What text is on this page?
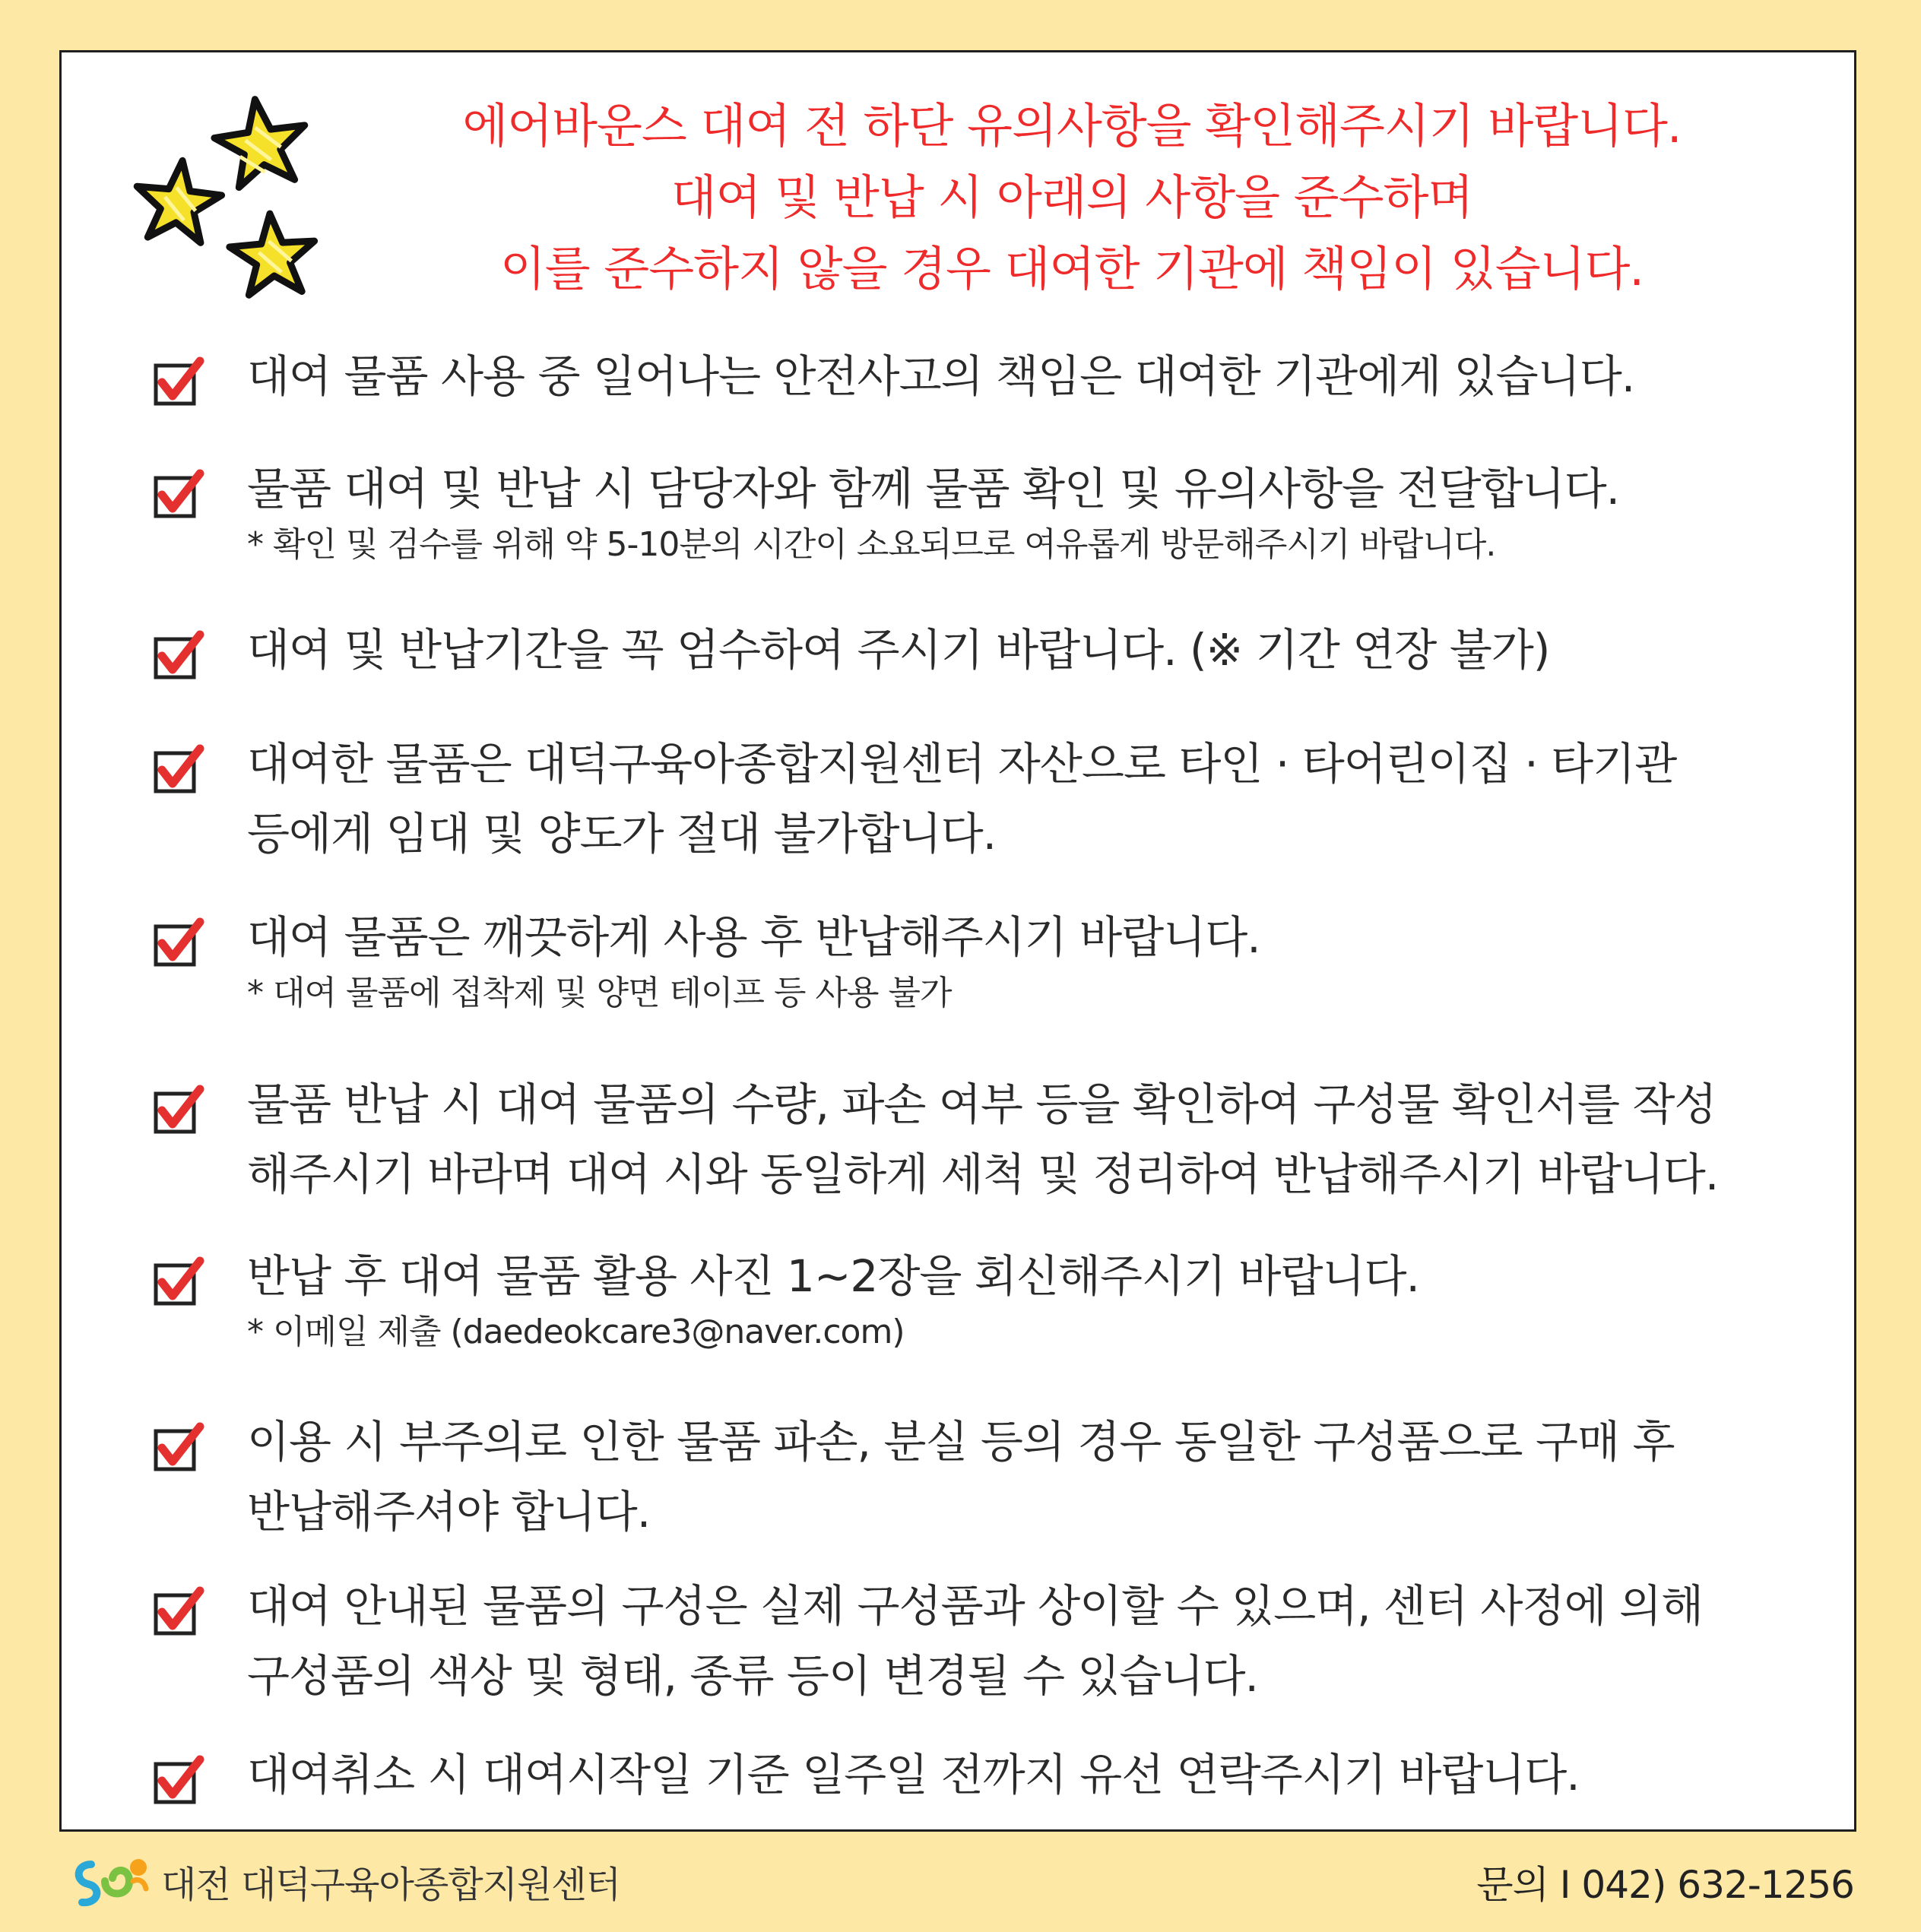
에어바운스 대여 전 하단 유의사항을 확인해주시기 바랍니다.
대여 및 반납 시 아래의 사항을 준수하며
이를 준수하지 않을 경우 대여한 기관에 책임이 있습니다.
대여 물품 사용 중 일어나는 안전사고의 책임은 대여한 기관에게 있습니다.
물품 대여 및 반납 시 담당자와 함께 물품 확인 및 유의사항을 전달합니다.
* 확인 및 검수를 위해 약 5-10분의 시간이 소요되므로 여유롭게 방문해주시기 바랍니다.
대여 및 반납기간을 꼭 엄수하여 주시기 바랍니다. (※ 기간 연장 불가)
대여한 물품은 대덕구육아종합지원센터 자산으로 타인 · 타어린이집 · 타기관
등에게 임대 및 양도가 절대 불가합니다.
대여 물품은 깨끗하게 사용 후 반납해주시기 바랍니다.
* 대여 물품에 접착제 및 양면 테이프 등 사용 불가
물품 반납 시 대여 물품의 수량, 파손 여부 등을 확인하여 구성물 확인서를 작성
해주시기 바라며 대여 시와 동일하게 세척 및 정리하여 반납해주시기 바랍니다.
반납 후 대여 물품 활용 사진 1~2장을 회신해주시기 바랍니다.
* 이메일 제출 (daedeokcare3@naver.com)
이용 시 부주의로 인한 물품 파손, 분실 등의 경우 동일한 구성품으로 구매 후
반납해주셔야 합니다.
대여 안내된 물품의 구성은 실제 구성품과 상이할 수 있으며, 센터 사정에 의해
구성품의 색상 및 형태, 종류 등이 변경될 수 있습니다.
대여취소 시 대여시작일 기준 일주일 전까지 유선 연락주시기 바랍니다.
대전 대덕구육아종합지원센터	문의 I 042) 632-1256
